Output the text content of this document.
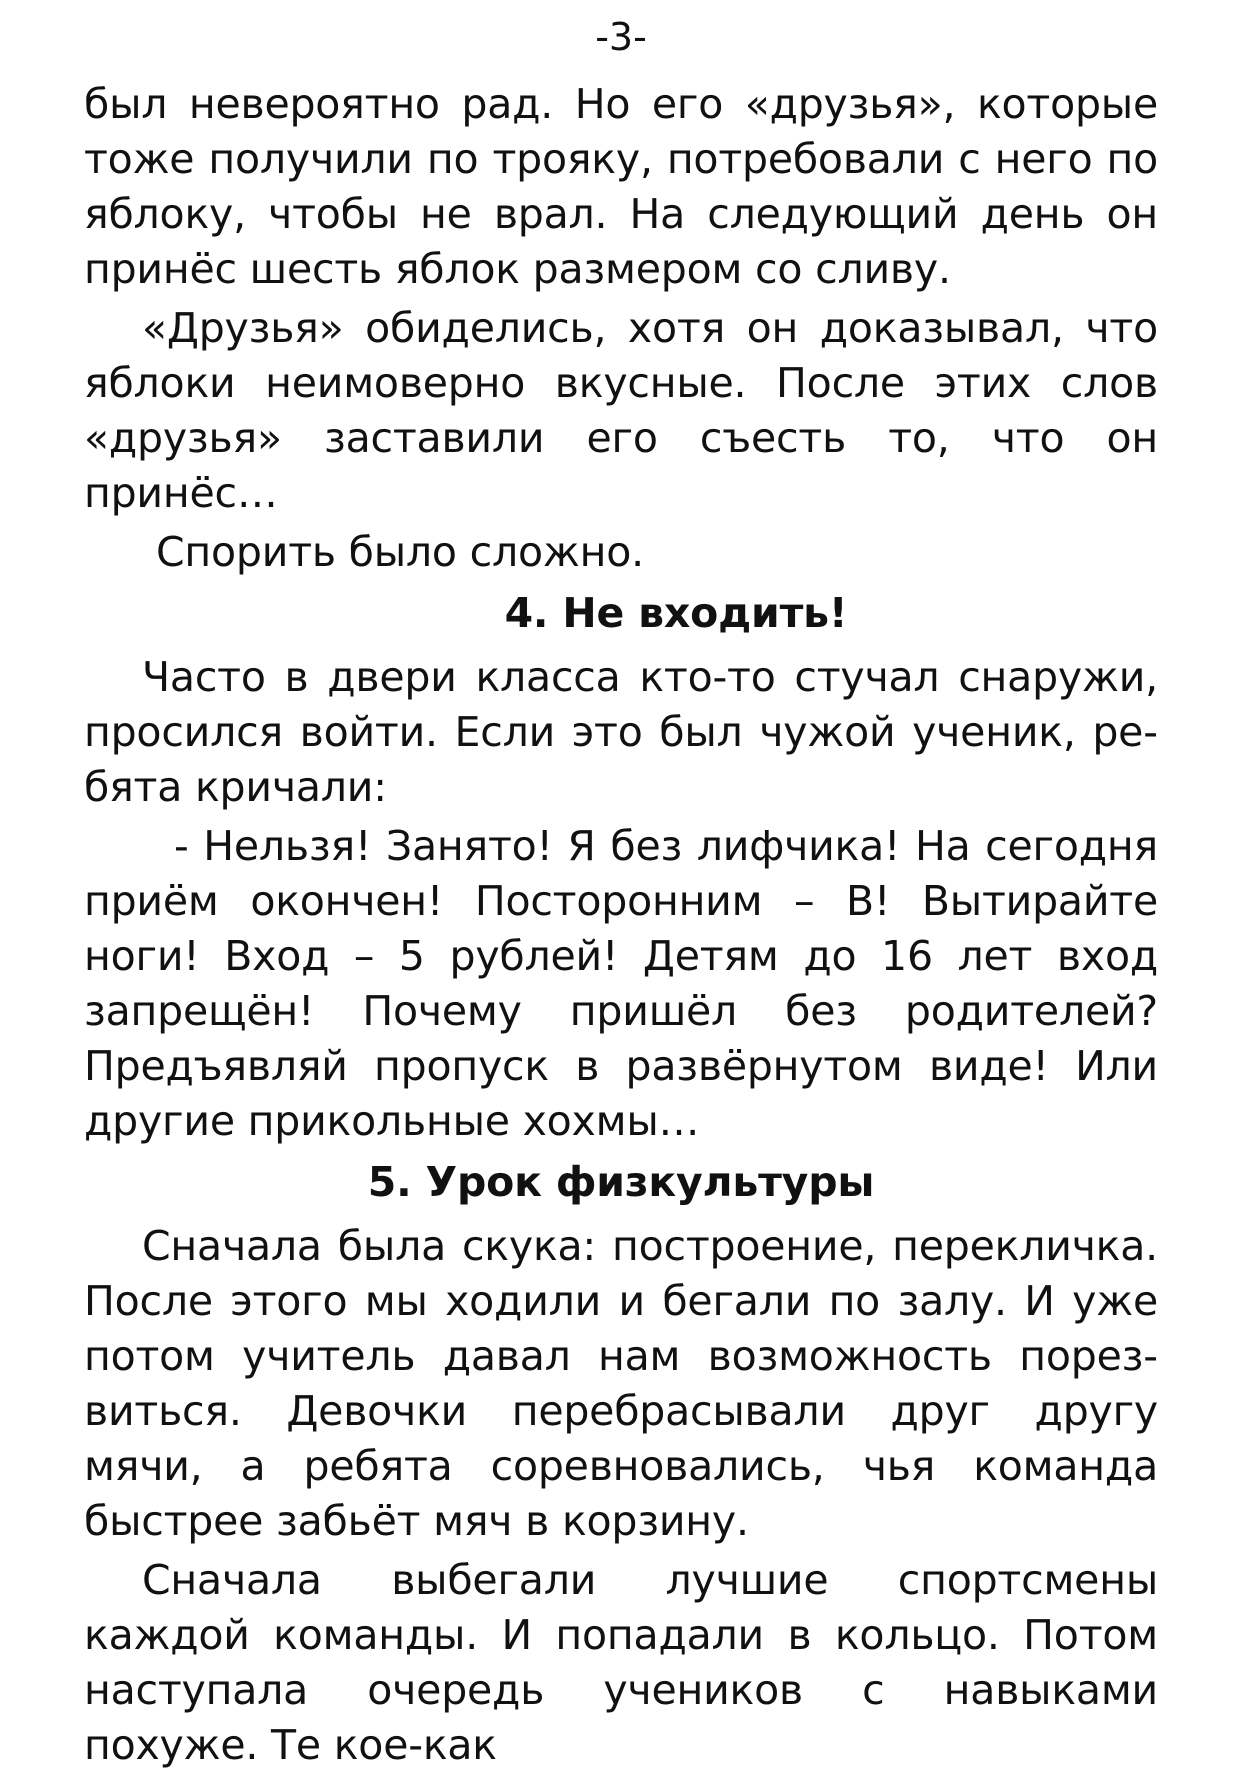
-3-

был невероятно рад. Но его «друзья», которые тоже получили по трояку, потребовали с него по яблоку, чтобы не врал. На следующий день он принёс шесть яблок размером со сливу.

«Друзья» обиделись, хотя он доказывал, что яблоки неимоверно вкусные. После этих слов «друзья» заставили его съесть то, что он принёс…

Спорить было сложно.

4. Не входить!

Часто в двери класса кто-то стучал снаружи, просился войти. Если это был чужой ученик, ребята кричали:

- Нельзя! Занято! Я без лифчика! На сегодня приём окончен! Посторонним – В! Вытирайте ноги! Вход – 5 рублей! Детям до 16 лет вход запрещён! Почему пришёл без родителей? Предъявляй пропуск в развёрнутом виде! Или другие прикольные хохмы…

5. Урок физкультуры

Сначала была скука: построение, перекличка. После этого мы ходили и бегали по залу. И уже потом учитель давал нам возможность порезвиться. Девочки перебрасывали друг другу мячи, а ребята соревновались, чья команда быстрее забьёт мяч в корзину.

Сначала выбегали лучшие спортсмены каждой команды. И попадали в кольцо. Потом наступала очередь учеников с навыками похуже. Те кое-как
